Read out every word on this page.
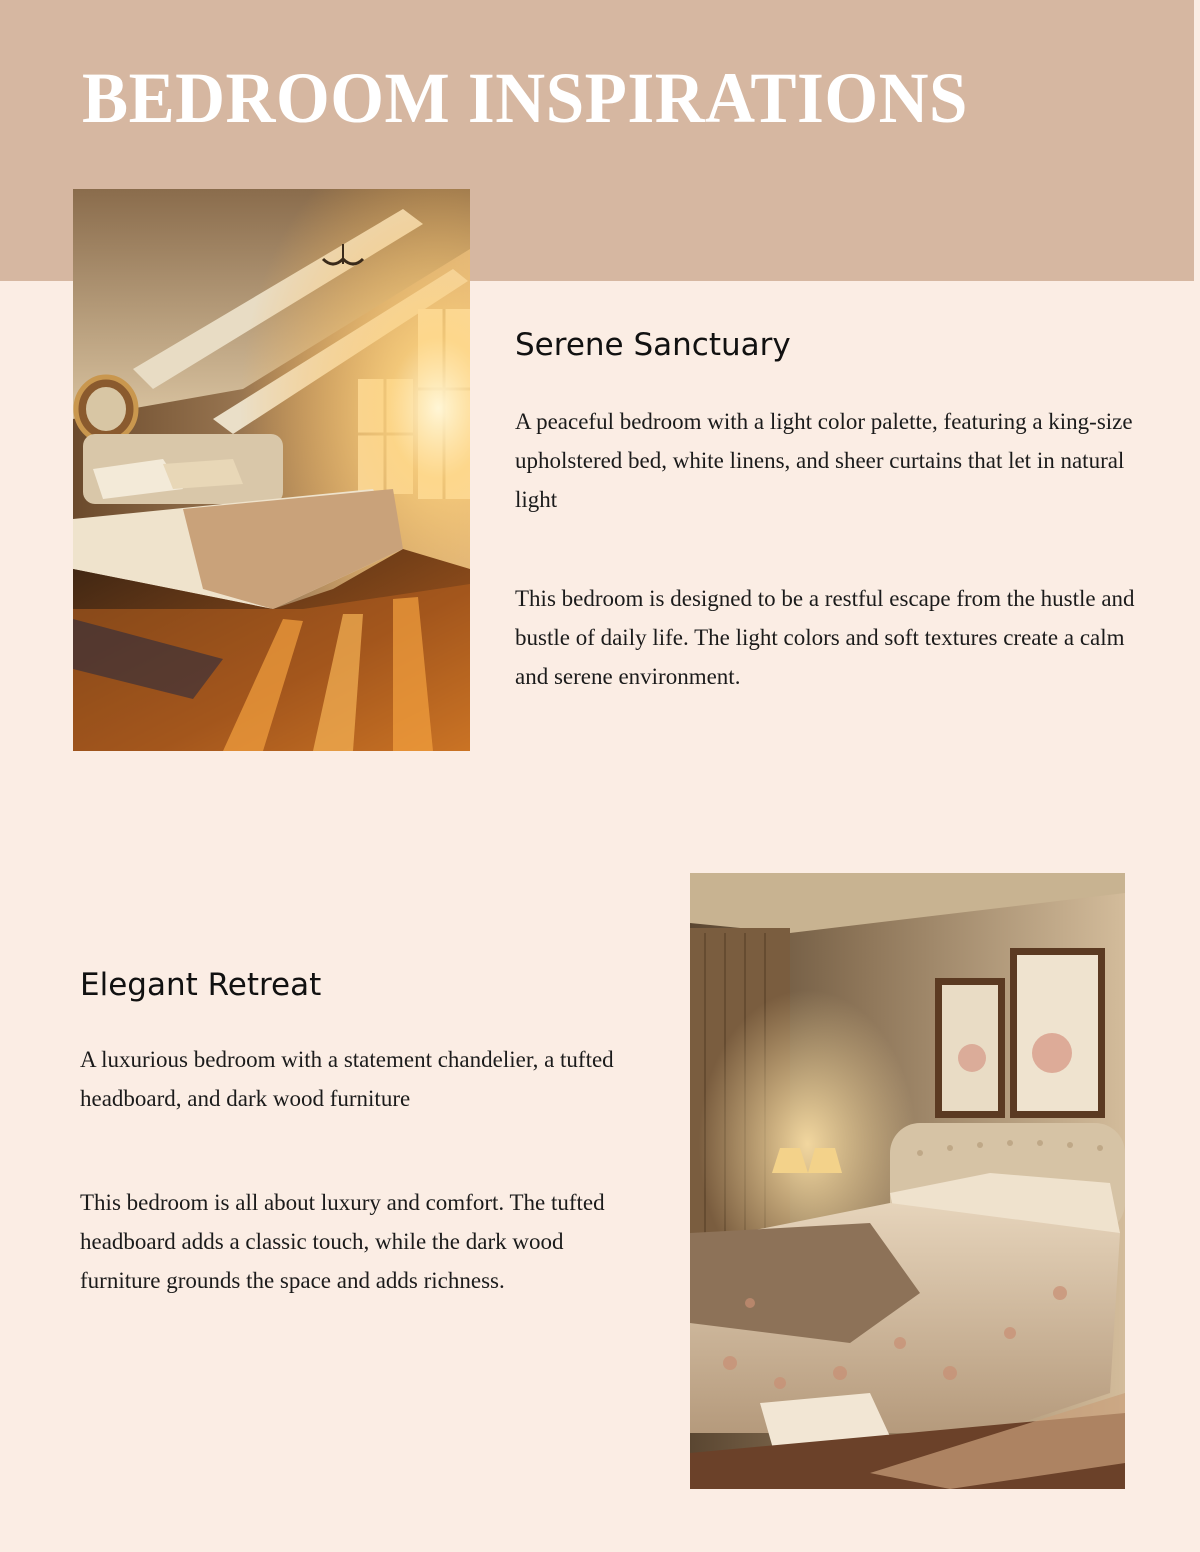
BEDROOM INSPIRATIONS
Serene Sanctuary

A peaceful bedroom with a light color palette, featuring a king-size upholstered bed, white linens, and sheer curtains that let in natural light

This bedroom is designed to be a restful escape from the hustle and bustle of daily life. The light colors and soft textures create a calm and serene environment.

Elegant Retreat

A luxurious bedroom with a statement chandelier, a tufted headboard, and dark wood furniture

This bedroom is all about luxury and comfort. The tufted headboard adds a classic touch, while the dark wood furniture grounds the space and adds richness.
